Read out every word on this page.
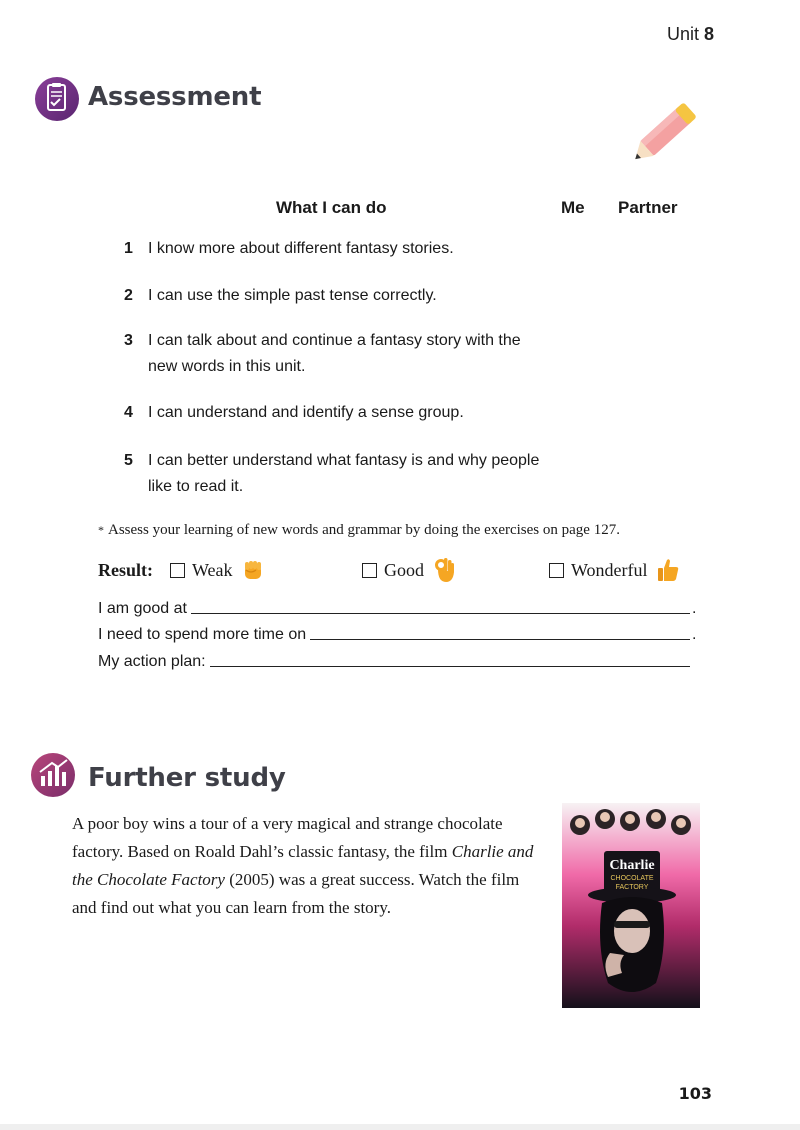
Unit 8
Assessment
What I can do	Me Partner
1 I know more about different fantasy stories.
2 I can use the simple past tense correctly.
3 I can talk about and continue a fantasy story with the new words in this unit.
4 I can understand and identify a sense group.
5 I can better understand what fantasy is and why people like to read it.
* Assess your learning of new words and grammar by doing the exercises on page 127.
Result: Weak	Good	Wonderful
I am good at	.
I need to spend more time on	.
My action plan:
Further study
A poor boy wins a tour of a very magical and strange chocolate factory. Based on Roald Dahl’s classic fantasy, the film Charlie and the Chocolate Factory (2005) was a great success. Watch the film and find out what you can learn from the story.
Charlie
CHOCOLATE
FACTORY
103
